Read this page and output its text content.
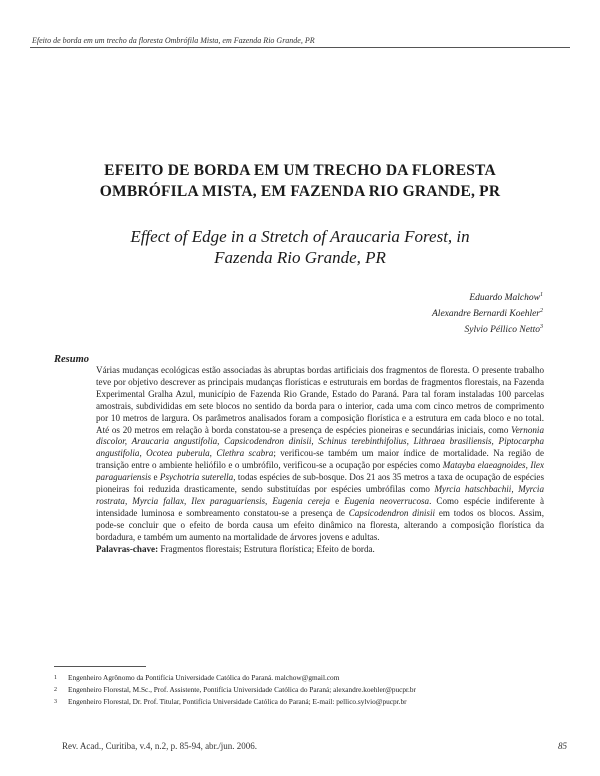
Efeito de borda em um trecho da floresta Ombrófila Mista, em Fazenda Rio Grande, PR
EFEITO DE BORDA EM UM TRECHO DA FLORESTA
OMBRÓFILA MISTA, EM FAZENDA RIO GRANDE, PR
Effect of Edge in a Stretch of Araucaria Forest, in
Fazenda Rio Grande, PR
Eduardo Malchow$^1$
Alexandre Bernardi Koehler$^2$
Sylvio Péllico Netto$^3$
Resumo
Várias mudanças ecológicas estão associadas às abruptas bordas artificiais dos fragmentos de floresta. O presente trabalho teve por objetivo descrever as principais mudanças florísticas e estruturais em bordas de fragmentos florestais, na Fazenda Experimental Gralha Azul, município de Fazenda Rio Grande, Estado do Paraná. Para tal foram instaladas 100 parcelas amostrais, subdivididas em sete blocos no sentido da borda para o interior, cada uma com cinco metros de comprimento por 10 metros de largura. Os parâmetros analisados foram a composição florística e a estrutura em cada bloco e no total. Até os 20 metros em relação à borda constatou-se a presença de espécies pioneiras e secundárias iniciais, como Vernonia discolor, Araucaria angustifolia, Capsicodendron dinisii, Schinus terebinthifolius, Lithraea brasiliensis, Piptocarpha angustifolia, Ocotea puberula, Clethra scabra; verificou-se também um maior índice de mortalidade. Na região de transição entre o ambiente heliófilo e o umbrófilo, verificou-se a ocupação por espécies como Matayba elaeagnoides, Ilex paraguariensis e Psychotria suterella, todas espécies de sub-bosque. Dos 21 aos 35 metros a taxa de ocupação de espécies pioneiras foi reduzida drasticamente, sendo substituídas por espécies umbrófilas como Myrcia hatschbachii, Myrcia rostrata, Myrcia fallax, Ilex paraguariensis, Eugenia cereja e Eugenia neoverrucosa. Como espécie indiferente à intensidade luminosa e sombreamento constatou-se a presença de Capsicodendron dinisii em todos os blocos. Assim, pode-se concluir que o efeito de borda causa um efeito dinâmico na floresta, alterando a composição florística da bordadura, e também um aumento na mortalidade de árvores jovens e adultas.
Palavras-chave: Fragmentos florestais; Estrutura florística; Efeito de borda.
1	Engenheiro Agrônomo da Pontifícia Universidade Católica do Paraná. malchow@gmail.com
2	Engenheiro Florestal, M.Sc., Prof. Assistente, Pontifícia Universidade Católica do Paraná; alexandre.koehler@pucpr.br
3	Engenheiro Florestal, Dr. Prof. Titular, Pontifícia Universidade Católica do Paraná; E-mail: pellico.sylvio@pucpr.br
Rev. Acad., Curitiba, v.4, n.2, p. 85-94, abr./jun. 2006.	85
